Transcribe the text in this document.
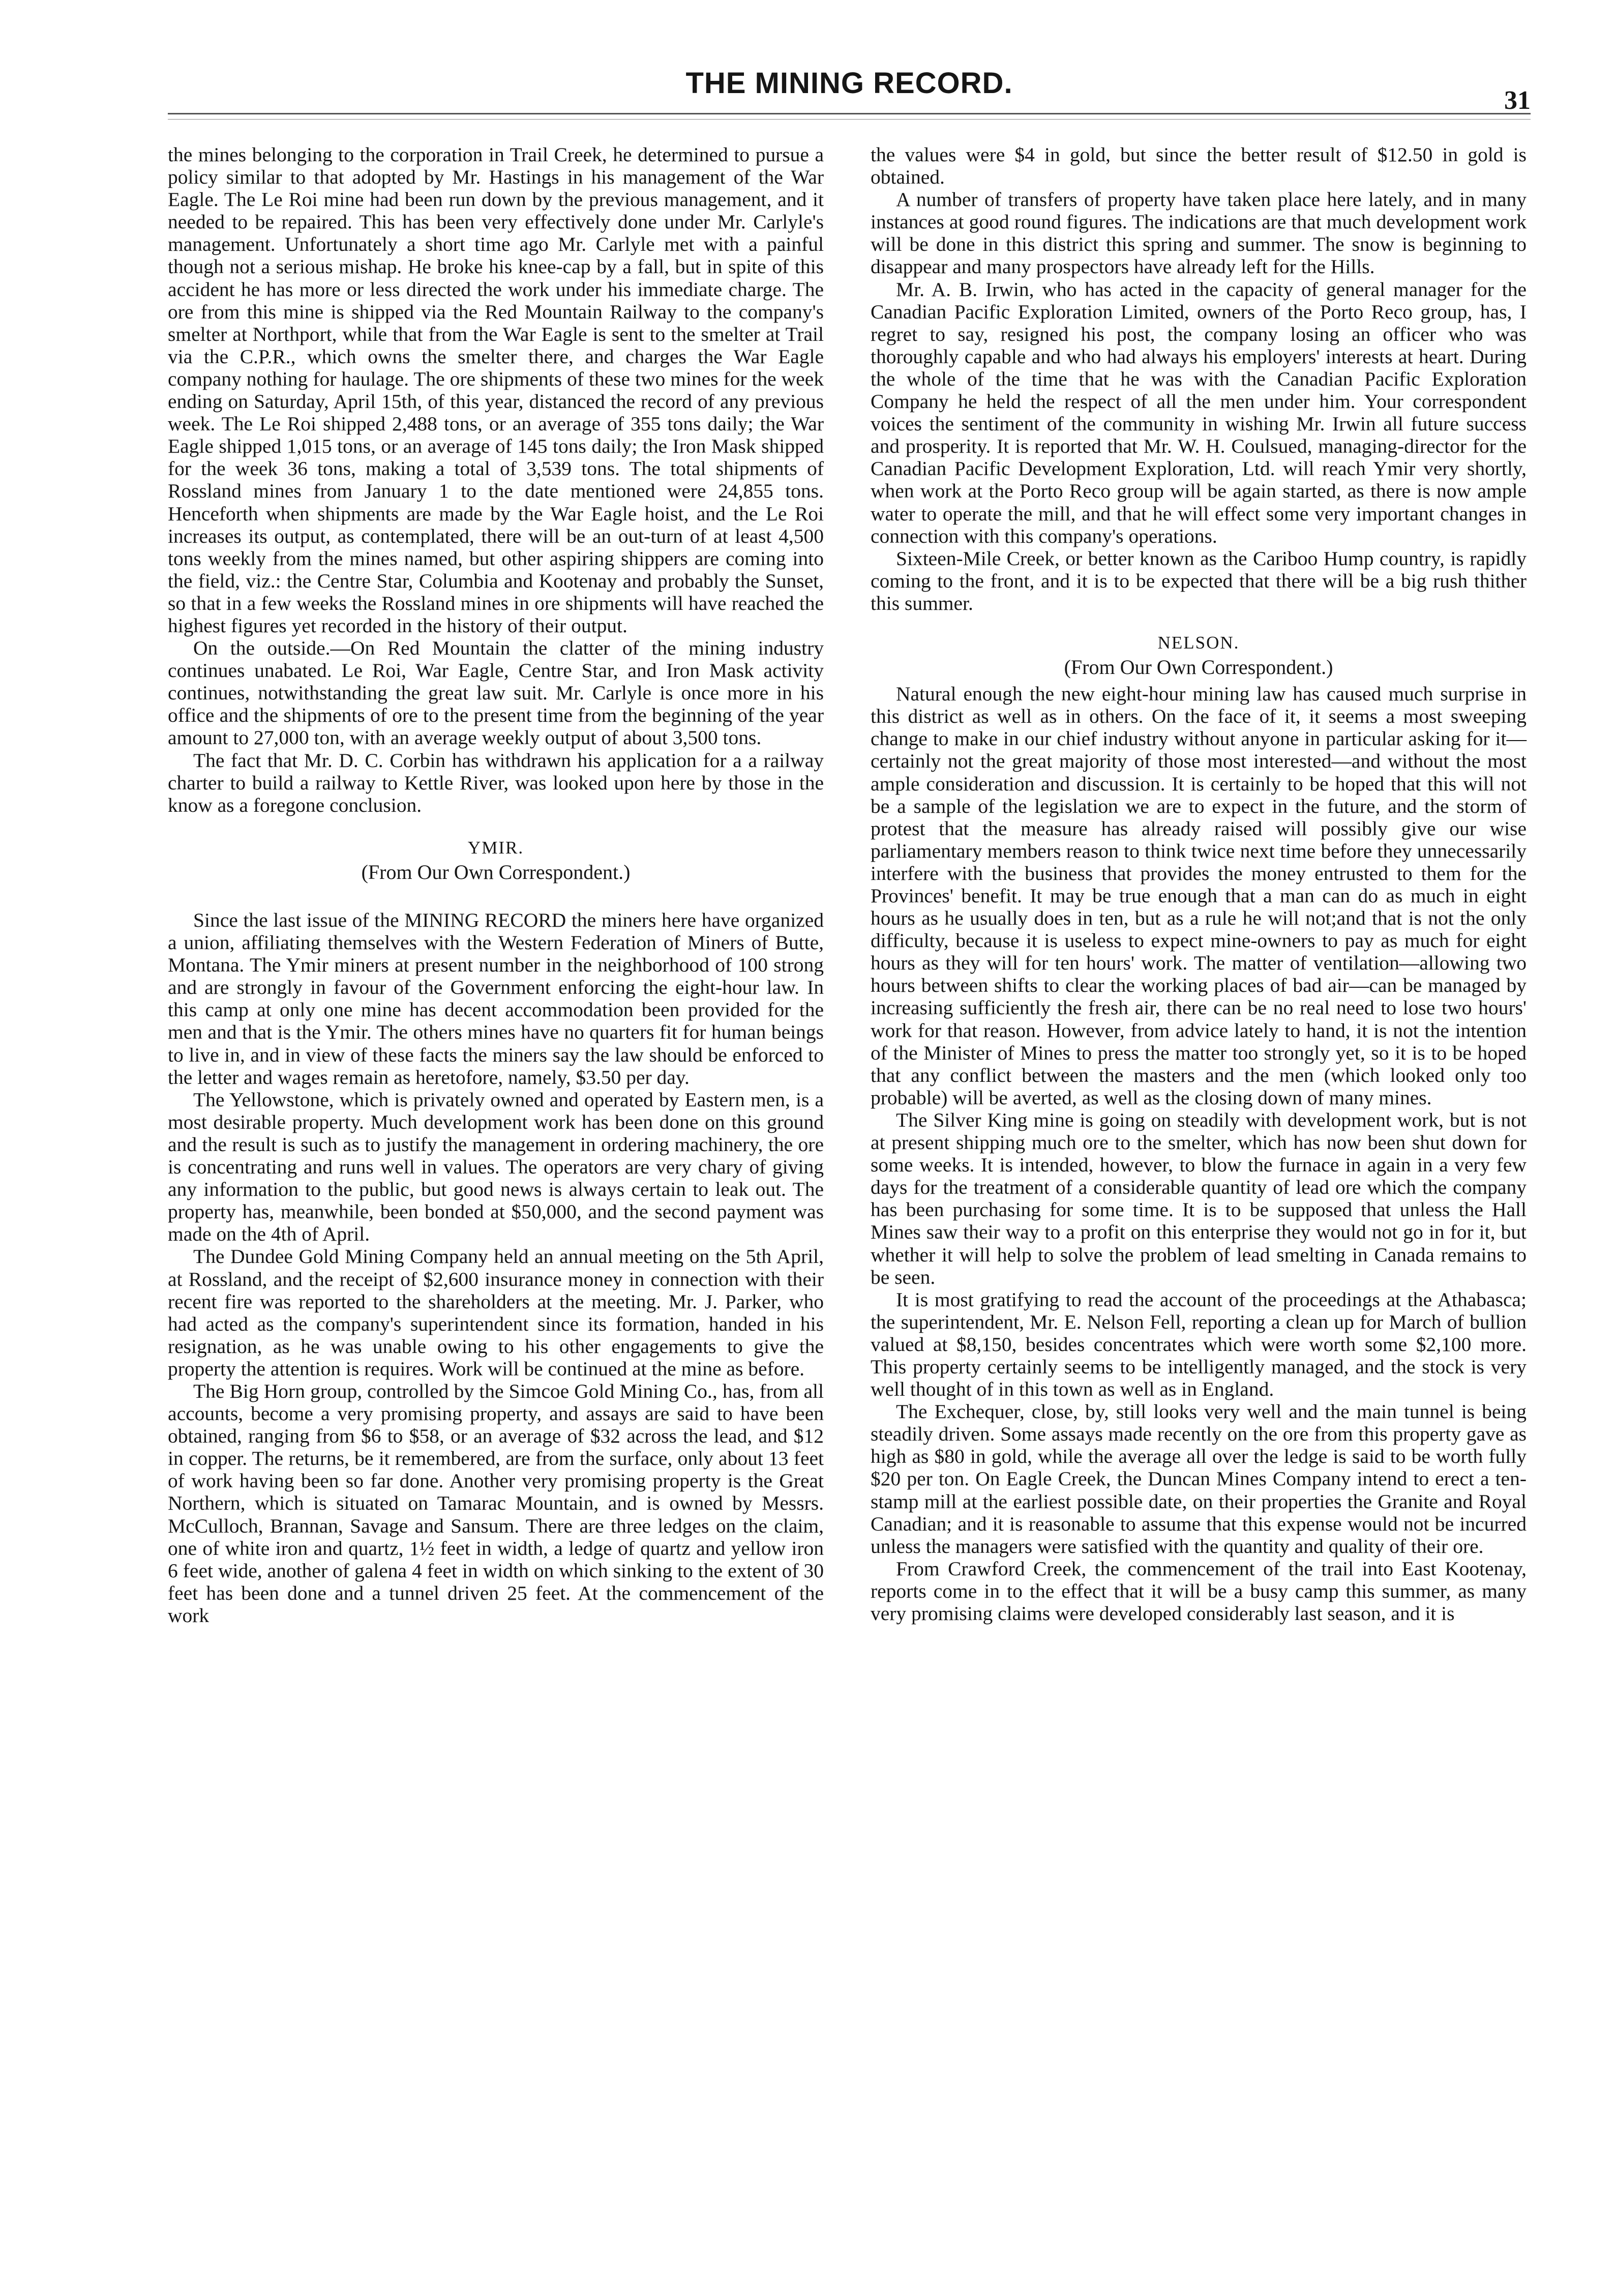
THE MINING RECORD.
31

the mines belonging to the corporation in Trail Creek, he determined to pursue a policy similar to that adopted by Mr. Hastings in his management of the War Eagle. The Le Roi mine had been run down by the previous management, and it needed to be repaired. This has been very effectively done under Mr. Carlyle's management. Unfortunately a short time ago Mr. Carlyle met with a painful though not a serious mishap. He broke his knee-cap by a fall, but in spite of this accident he has more or less directed the work under his immediate charge. The ore from this mine is shipped via the Red Mountain Railway to the company's smelter at Northport, while that from the War Eagle is sent to the smelter at Trail via the C.P.R., which owns the smelter there, and charges the War Eagle company nothing for haulage. The ore shipments of these two mines for the week ending on Saturday, April 15th, of this year, distanced the record of any previous week. The Le Roi shipped 2,488 tons, or an average of 355 tons daily; the War Eagle shipped 1,015 tons, or an average of 145 tons daily; the Iron Mask shipped for the week 36 tons, making a total of 3,539 tons. The total shipments of Rossland mines from January 1 to the date mentioned were 24,855 tons. Henceforth when shipments are made by the War Eagle hoist, and the Le Roi increases its output, as contemplated, there will be an out-turn of at least 4,500 tons weekly from the mines named, but other aspiring shippers are coming into the field, viz.: the Centre Star, Columbia and Kootenay and probably the Sunset, so that in a few weeks the Rossland mines in ore shipments will have reached the highest figures yet recorded in the history of their output.

On the outside.—On Red Mountain the clatter of the mining industry continues unabated. Le Roi, War Eagle, Centre Star, and Iron Mask activity continues, notwithstanding the great law suit. Mr. Carlyle is once more in his office and the shipments of ore to the present time from the beginning of the year amount to 27,000 ton, with an average weekly output of about 3,500 tons.

The fact that Mr. D. C. Corbin has withdrawn his application for a a railway charter to build a railway to Kettle River, was looked upon here by those in the know as a foregone conclusion.

YMIR.
(From Our Own Correspondent.)

Since the last issue of the MINING RECORD the miners here have organized a union, affiliating themselves with the Western Federation of Miners of Butte, Montana. The Ymir miners at present number in the neighborhood of 100 strong and are strongly in favour of the Government enforcing the eight-hour law. In this camp at only one mine has decent accommodation been provided for the men and that is the Ymir. The others mines have no quarters fit for human beings to live in, and in view of these facts the miners say the law should be enforced to the letter and wages remain as heretofore, namely, $3.50 per day.

The Yellowstone, which is privately owned and operated by Eastern men, is a most desirable property. Much development work has been done on this ground and the result is such as to justify the management in ordering machinery, the ore is concentrating and runs well in values. The operators are very chary of giving any information to the public, but good news is always certain to leak out. The property has, meanwhile, been bonded at $50,000, and the second payment was made on the 4th of April.

The Dundee Gold Mining Company held an annual meeting on the 5th April, at Rossland, and the receipt of $2,600 insurance money in connection with their recent fire was reported to the shareholders at the meeting. Mr. J. Parker, who had acted as the company's superintendent since its formation, handed in his resignation, as he was unable owing to his other engagements to give the property the attention is requires. Work will be continued at the mine as before.

The Big Horn group, controlled by the Simcoe Gold Mining Co., has, from all accounts, become a very promising property, and assays are said to have been obtained, ranging from $6 to $58, or an average of $32 across the lead, and $12 in copper. The returns, be it remembered, are from the surface, only about 13 feet of work having been so far done. Another very promising property is the Great Northern, which is situated on Tamarac Mountain, and is owned by Messrs. McCulloch, Brannan, Savage and Sansum. There are three ledges on the claim, one of white iron and quartz, 1½ feet in width, a ledge of quartz and yellow iron 6 feet wide, another of galena 4 feet in width on which sinking to the extent of 30 feet has been done and a tunnel driven 25 feet. At the commencement of the work

the values were $4 in gold, but since the better result of $12.50 in gold is obtained.

A number of transfers of property have taken place here lately, and in many instances at good round figures. The indications are that much development work will be done in this district this spring and summer. The snow is beginning to disappear and many prospectors have already left for the Hills.

Mr. A. B. Irwin, who has acted in the capacity of general manager for the Canadian Pacific Exploration Limited, owners of the Porto Reco group, has, I regret to say, resigned his post, the company losing an officer who was thoroughly capable and who had always his employers' interests at heart. During the whole of the time that he was with the Canadian Pacific Exploration Company he held the respect of all the men under him. Your correspondent voices the sentiment of the community in wishing Mr. Irwin all future success and prosperity. It is reported that Mr. W. H. Coulsued, managing-director for the Canadian Pacific Development Exploration, Ltd. will reach Ymir very shortly, when work at the Porto Reco group will be again started, as there is now ample water to operate the mill, and that he will effect some very important changes in connection with this company's operations.

Sixteen-Mile Creek, or better known as the Cariboo Hump country, is rapidly coming to the front, and it is to be expected that there will be a big rush thither this summer.

NELSON.
(From Our Own Correspondent.)

Natural enough the new eight-hour mining law has caused much surprise in this district as well as in others. On the face of it, it seems a most sweeping change to make in our chief industry without anyone in particular asking for it—certainly not the great majority of those most interested—and without the most ample consideration and discussion. It is certainly to be hoped that this will not be a sample of the legislation we are to expect in the future, and the storm of protest that the measure has already raised will possibly give our wise parliamentary members reason to think twice next time before they unnecessarily interfere with the business that provides the money entrusted to them for the Provinces' benefit. It may be true enough that a man can do as much in eight hours as he usually does in ten, but as a rule he will not;and that is not the only difficulty, because it is useless to expect mine-owners to pay as much for eight hours as they will for ten hours' work. The matter of ventilation—allowing two hours between shifts to clear the working places of bad air—can be managed by increasing sufficiently the fresh air, there can be no real need to lose two hours' work for that reason. However, from advice lately to hand, it is not the intention of the Minister of Mines to press the matter too strongly yet, so it is to be hoped that any conflict between the masters and the men (which looked only too probable) will be averted, as well as the closing down of many mines.

The Silver King mine is going on steadily with development work, but is not at present shipping much ore to the smelter, which has now been shut down for some weeks. It is intended, however, to blow the furnace in again in a very few days for the treatment of a considerable quantity of lead ore which the company has been purchasing for some time. It is to be supposed that unless the Hall Mines saw their way to a profit on this enterprise they would not go in for it, but whether it will help to solve the problem of lead smelting in Canada remains to be seen.

It is most gratifying to read the account of the proceedings at the Athabasca; the superintendent, Mr. E. Nelson Fell, reporting a clean up for March of bullion valued at $8,150, besides concentrates which were worth some $2,100 more. This property certainly seems to be intelligently managed, and the stock is very well thought of in this town as well as in England.

The Exchequer, close, by, still looks very well and the main tunnel is being steadily driven. Some assays made recently on the ore from this property gave as high as $80 in gold, while the average all over the ledge is said to be worth fully $20 per ton. On Eagle Creek, the Duncan Mines Company intend to erect a ten-stamp mill at the earliest possible date, on their properties the Granite and Royal Canadian; and it is reasonable to assume that this expense would not be incurred unless the managers were satisfied with the quantity and quality of their ore.

From Crawford Creek, the commencement of the trail into East Kootenay, reports come in to the effect that it will be a busy camp this summer, as many very promising claims were developed considerably last season, and it is
